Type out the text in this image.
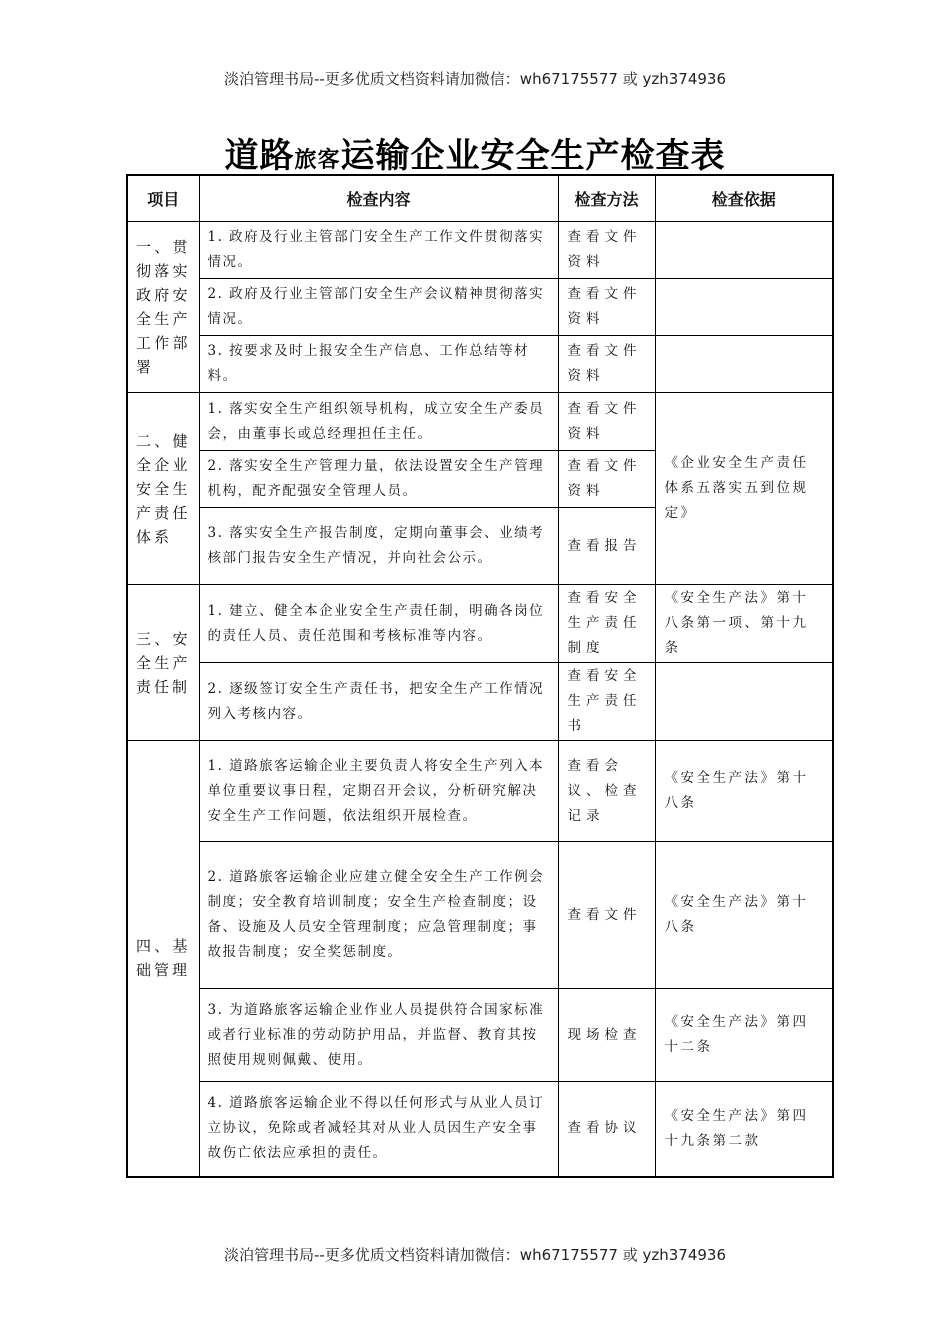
淡泊管理书局--更多优质文档资料请加微信：wh67175577 或 yzh374936
道路旅客运输企业安全生产检查表
项目	检查内容	检查方法	检查依据
一、贯彻落实政府安全生产工作部署	1. 政府及行业主管部门安全生产工作文件贯彻落实情况。	查看文件资料	
	2. 政府及行业主管部门安全生产会议精神贯彻落实情况。	查看文件资料	
	3. 按要求及时上报安全生产信息、工作总结等材料。	查看文件资料	
二、健全企业安全生产责任体系	1. 落实安全生产组织领导机构，成立安全生产委员会，由董事长或总经理担任主任。	查看文件资料	《企业安全生产责任体系五落实五到位规定》
	2. 落实安全生产管理力量，依法设置安全生产管理机构，配齐配强安全管理人员。	查看文件资料	
	3. 落实安全生产报告制度，定期向董事会、业绩考核部门报告安全生产情况，并向社会公示。	查看报告	
三、安全生产责任制	1. 建立、健全本企业安全生产责任制，明确各岗位的责任人员、责任范围和考核标准等内容。	查看安全生产责任制度	《安全生产法》第十八条第一项、第十九条
	2. 逐级签订安全生产责任书，把安全生产工作情况列入考核内容。	查看安全生产责任书	
四、基础管理	1. 道路旅客运输企业主要负责人将安全生产列入本单位重要议事日程，定期召开会议，分析研究解决安全生产工作问题，依法组织开展检查。	查看会议、检查记录	《安全生产法》第十八条
	2. 道路旅客运输企业应建立健全安全生产工作例会制度；安全教育培训制度；安全生产检查制度；设备、设施及人员安全管理制度；应急管理制度；事故报告制度；安全奖惩制度。	查看文件	《安全生产法》第十八条
	3. 为道路旅客运输企业作业人员提供符合国家标准或者行业标准的劳动防护用品，并监督、教育其按照使用规则佩戴、使用。	现场检查	《安全生产法》第四十二条
	4. 道路旅客运输企业不得以任何形式与从业人员订立协议，免除或者减轻其对从业人员因生产安全事故伤亡依法应承担的责任。	查看协议	《安全生产法》第四十九条第二款
淡泊管理书局--更多优质文档资料请加微信：wh67175577 或 yzh374936
